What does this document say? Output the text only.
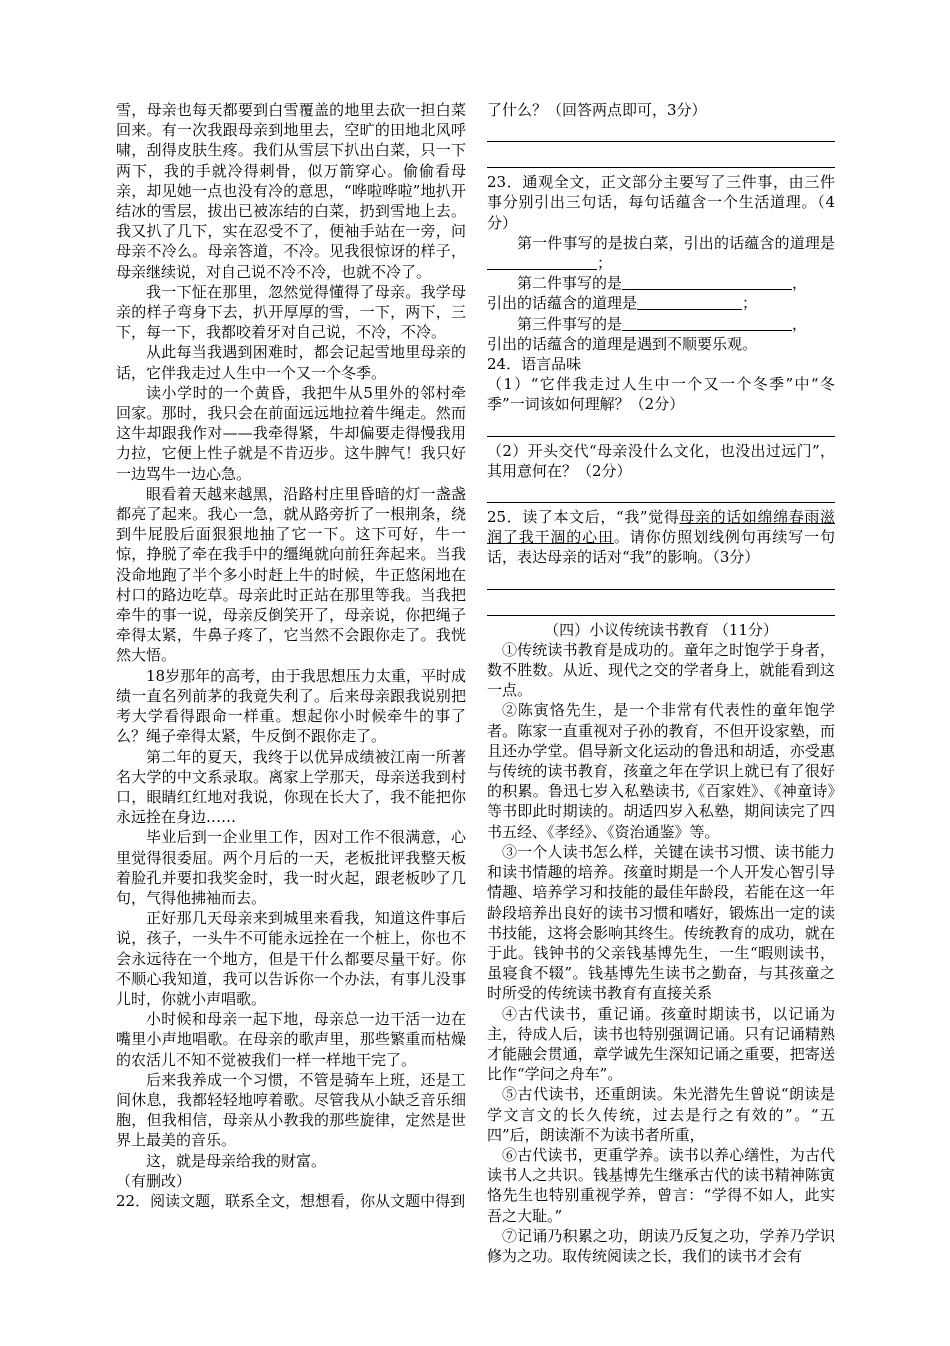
雪，母亲也每天都要到白雪覆盖的地里去砍一担白菜回来。有一次我跟母亲到地里去，空旷的田地北风呼啸，刮得皮肤生疼。我们从雪层下扒出白菜，只一下两下，我的手就冷得刺骨，似万箭穿心。偷偷看母亲，却见她一点也没有冷的意思，“哗啦哗啦”地扒开结冰的雪层，拔出已被冻结的白菜，扔到雪地上去。我又扒了几下，实在忍受不了，便袖手站在一旁，问母亲不冷么。母亲答道，不冷。见我很惊讶的样子，母亲继续说，对自己说不冷不冷，也就不冷了。

我一下怔在那里，忽然觉得懂得了母亲。我学母亲的样子弯身下去，扒开厚厚的雪，一下，两下，三下，每一下，我都咬着牙对自己说，不冷，不冷。

从此每当我遇到困难时，都会记起雪地里母亲的话，它伴我走过人生中一个又一个冬季。

读小学时的一个黄昏，我把牛从5里外的邻村牵回家。那时，我只会在前面远远地拉着牛绳走。然而这牛却跟我作对——我牵得紧，牛却偏要走得慢我用力拉，它便上性子就是不肯迈步。这牛脾气！我只好一边骂牛一边心急。

眼看着天越来越黑，沿路村庄里昏暗的灯一盏盏都亮了起来。我心一急，就从路旁折了一根荆条，绕到牛屁股后面狠狠地抽了它一下。这下可好，牛一惊，挣脱了牵在我手中的缰绳就向前狂奔起来。当我没命地跑了半个多小时赶上牛的时候，牛正悠闲地在村口的路边吃草。母亲此时正站在那里等我。当我把牵牛的事一说，母亲反倒笑开了，母亲说，你把绳子牵得太紧，牛鼻子疼了，它当然不会跟你走了。我恍然大悟。

18岁那年的高考，由于我思想压力太重，平时成绩一直名列前茅的我竟失利了。后来母亲跟我说别把考大学看得跟命一样重。想起你小时候牵牛的事了么？绳子牵得太紧，牛反倒不跟你走了。

第二年的夏天，我终于以优异成绩被江南一所著名大学的中文系录取。离家上学那天，母亲送我到村口，眼睛红红地对我说，你现在长大了，我不能把你永远拴在身边……

毕业后到一企业里工作，因对工作不很满意，心里觉得很委屈。两个月后的一天，老板批评我整天板着脸孔并要扣我奖金时，我一时火起，跟老板吵了几句，气得他拂袖而去。

正好那几天母亲来到城里来看我，知道这件事后说，孩子，一头牛不可能永远拴在一个桩上，你也不会永远待在一个地方，但是干什么都要尽量干好。你不顺心我知道，我可以告诉你一个办法，有事儿没事儿时，你就小声唱歌。

小时候和母亲一起下地，母亲总一边干活一边在嘴里小声地唱歌。在母亲的歌声里，那些繁重而枯燥的农活儿不知不觉被我们一样一样地干完了。

后来我养成一个习惯，不管是骑车上班，还是工间休息，我都轻轻地哼着歌。尽管我从小缺乏音乐细胞，但我相信，母亲从小教我的那些旋律，定然是世界上最美的音乐。

这，就是母亲给我的财富。

（有删改）

22．阅读文题，联系全文，想想看，你从文题中得到

了什么？（回答两点即可，3分）

23．通观全文，正文部分主要写了三件事，由三件事分别引出三句话，每句话蕴含一个生活道理。（4分）

第一件事写的是拔白菜，引出的话蕴含的道理是；

第二件事写的是	，

引出的话蕴含的道理是	；

第三件事写的是	，

引出的话蕴含的道理是遇到不顺要乐观。

24．语言品味

（1）“它伴我走过人生中一个又一个冬季”中“冬季”一词该如何理解？（2分）

（2）开头交代“母亲没什么文化，也没出过远门”，其用意何在？（2分）

25．读了本文后，“我”觉得母亲的话如绵绵春雨滋润了我干涸的心田。请你仿照划线例句再续写一句话，表达母亲的话对“我”的影响。（3分）

（四）小议传统读书教育 （11分）

①传统读书教育是成功的。童年之时饱学于身者，数不胜数。从近、现代之交的学者身上，就能看到这一点。

②陈寅恪先生，是一个非常有代表性的童年饱学者。陈家一直重视对子孙的教育，不但开设家塾，而且还办学堂。倡导新文化运动的鲁迅和胡适，亦受惠与传统的读书教育，孩童之年在学识上就已有了很好的积累。鲁迅七岁入私塾读书,《百家姓》、《神童诗》等书即此时期读的。胡适四岁入私塾，期间读完了四书五经、《孝经》、《资治通鉴》等。

③一个人读书怎么样，关键在读书习惯、读书能力和读书情趣的培养。孩童时期是一个人开发心智引导情趣、培养学习和技能的最佳年龄段，若能在这一年龄段培养出良好的读书习惯和嗜好，锻炼出一定的读书技能，这将会影响其终生。传统教育的成功，就在于此。钱钟书的父亲钱基博先生，一生“暇则读书，虽寝食不辍”。钱基博先生读书之勤奋，与其孩童之时所受的传统读书教育有直接关系

④古代读书，重记诵。孩童时期读书，以记诵为主，待成人后，读书也特别强调记诵。只有记诵精熟才能融会贯通，章学诚先生深知记诵之重要，把寄送比作“学问之舟车”。

⑤古代读书，还重朗读。朱光潜先生曾说“朗读是学文言文的长久传统，过去是行之有效的”。“五四”后，朗读渐不为读书者所重，

⑥古代读书，更重学养。读书以养心缮性，为古代读书人之共识。钱基博先生继承古代的读书精神陈寅恪先生也特别重视学养，曾言：“学得不如人，此实吾之大耻。”

⑦记诵乃积累之功，朗读乃反复之功，学养乃学识修为之功。取传统阅读之长，我们的读书才会有
